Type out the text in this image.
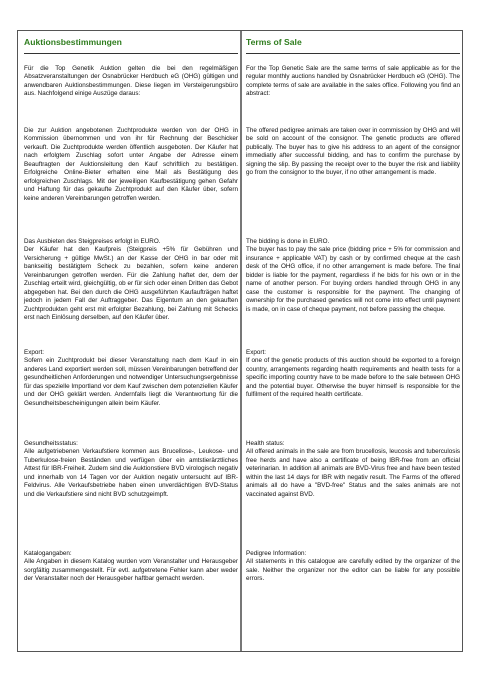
Auktionsbestimmungen

Für die Top Genetik Auktion gelten die bei den regelmäßigen Absatzveranstaltungen der Osnabrücker Herdbuch eG (OHG) gültigen und anwendbaren Auktionsbestimmungen. Diese liegen im Versteigerungsbüro aus. Nachfolgend einige Auszüge daraus:

Die zur Auktion angebotenen Zuchtprodukte werden von der OHG in Kommission übernommen und von ihr für Rechnung der Beschicker verkauft. Die Zuchtprodukte werden öffentlich ausgeboten. Der Käufer hat nach erfolgtem Zuschlag sofort unter Angabe der Adresse einem Beauftragten der Auktionsleitung den Kauf schriftlich zu bestätigen. Erfolgreiche Online-Bieter erhalten eine Mail als Bestätigung des erfolgreichen Zuschlags. Mit der jeweiligen Kaufbestätigung gehen Gefahr und Haftung für das gekaufte Zuchtprodukt auf den Käufer über, sofern keine anderen Vereinbarungen getroffen werden.

Das Ausbieten des Steigpreises erfolgt in EURO.

Der Käufer hat den Kaufpreis (Steigpreis +5% für Gebühren und Versicherung + gültige MwSt.) an der Kasse der OHG in bar oder mit bankseitig bestätigtem Scheck zu bezahlen, sofern keine anderen Vereinbarungen getroffen werden. Für die Zahlung haftet der, dem der Zuschlag erteilt wird, gleichgültig, ob er für sich oder einen Dritten das Gebot abgegeben hat. Bei den durch die OHG ausgeführten Kaufaufträgen haftet jedoch in jedem Fall der Auftraggeber. Das Eigentum an den gekauften Zuchtprodukten geht erst mit erfolgter Bezahlung, bei Zahlung mit Schecks erst nach Einlösung derselben, auf den Käufer über.

Export:

Sofern ein Zuchtprodukt bei dieser Veranstaltung nach dem Kauf in ein anderes Land exportiert werden soll, müssen Vereinbarungen betreffend der gesundheitlichen Anforderungen und notwendiger Untersuchungsergebnisse für das spezielle Importland vor dem Kauf zwischen dem potenziellen Käufer und der OHG geklärt werden. Andernfalls liegt die Verantwortung für die Gesundheitsbescheinigungen allein beim Käufer.

Gesundheitsstatus:

Alle aufgetriebenen Verkaufstiere kommen aus Brucellose-, Leukose- und Tuberkulose-freien Beständen und verfügen über ein amtstierärztliches Attest für IBR-Freiheit. Zudem sind die Auktionstiere BVD virologisch negativ und innerhalb von 14 Tagen vor der Auktion negativ untersucht auf IBR-Feldvirus. Alle Verkaufsbetriebe haben einen unverdächtigen BVD-Status und die Verkaufstiere sind nicht BVD schutzgeimpft.

Katalogangaben:

Alle Angaben in diesem Katalog wurden vom Veranstalter und Herausgeber sorgfältig zusammengestellt. Für evtl. aufgetretene Fehler kann aber weder der Veranstalter noch der Herausgeber haftbar gemacht werden.

Terms of Sale

For the Top Genetic Sale are the same terms of sale applicable as for the regular monthly auctions handled by Osnabrücker Herdbuch eG (OHG). The complete terms of sale are available in the sales office. Following you find an abstract:

The offered pedigree animals are taken over in commission by OHG and will be sold on account of the consignor. The genetic products are offered publically. The buyer has to give his address to an agent of the consignor immediatly after successful bidding, and has to confirm the purchase by signing the slip. By passing the receipt over to the buyer the risk and liability go from the consignor to the buyer, if no other arrangement is made.

The bidding is done in EURO.

The buyer has to pay the sale price (bidding price + 5% for commission and insurance + applicable VAT) by cash or by confirmed cheque at the cash desk of the OHG office, if no other arrangement is made before. The final bidder is liable for the payment, regardless if he bids for his own or in the name of another person. For buying orders handled through OHG in any case the customer is responsible for the payment. The changing of ownership for the purchased genetics will not come into effect until payment is made, on in case of cheque payment, not before passing the cheque.

Export:

If one of the genetic products of this auction should be exported to a foreign country, arrangements regarding health requirements and health tests for a specific importing country have to be made before to the sale between OHG and the potential buyer. Otherwise the buyer himself is responsible for the fulfilment of the required health certificate.

Health status:

All offered animals in the sale are from brucellosis, leucosis and tuberculosis free herds and have also a certificate of being IBR-free from an official veterinarian. In addition all animals are BVD-Virus free and have been tested within the last 14 days for IBR with negativ result. The Farms of the offered animals all do have a "BVD-free" Status and the sales animals are not vaccinated against BVD.

Pedigree Information:

All statements in this catalogue are carefully edited by the organizer of the sale. Neither the organizer nor the editor can be liable for any possible errors.
